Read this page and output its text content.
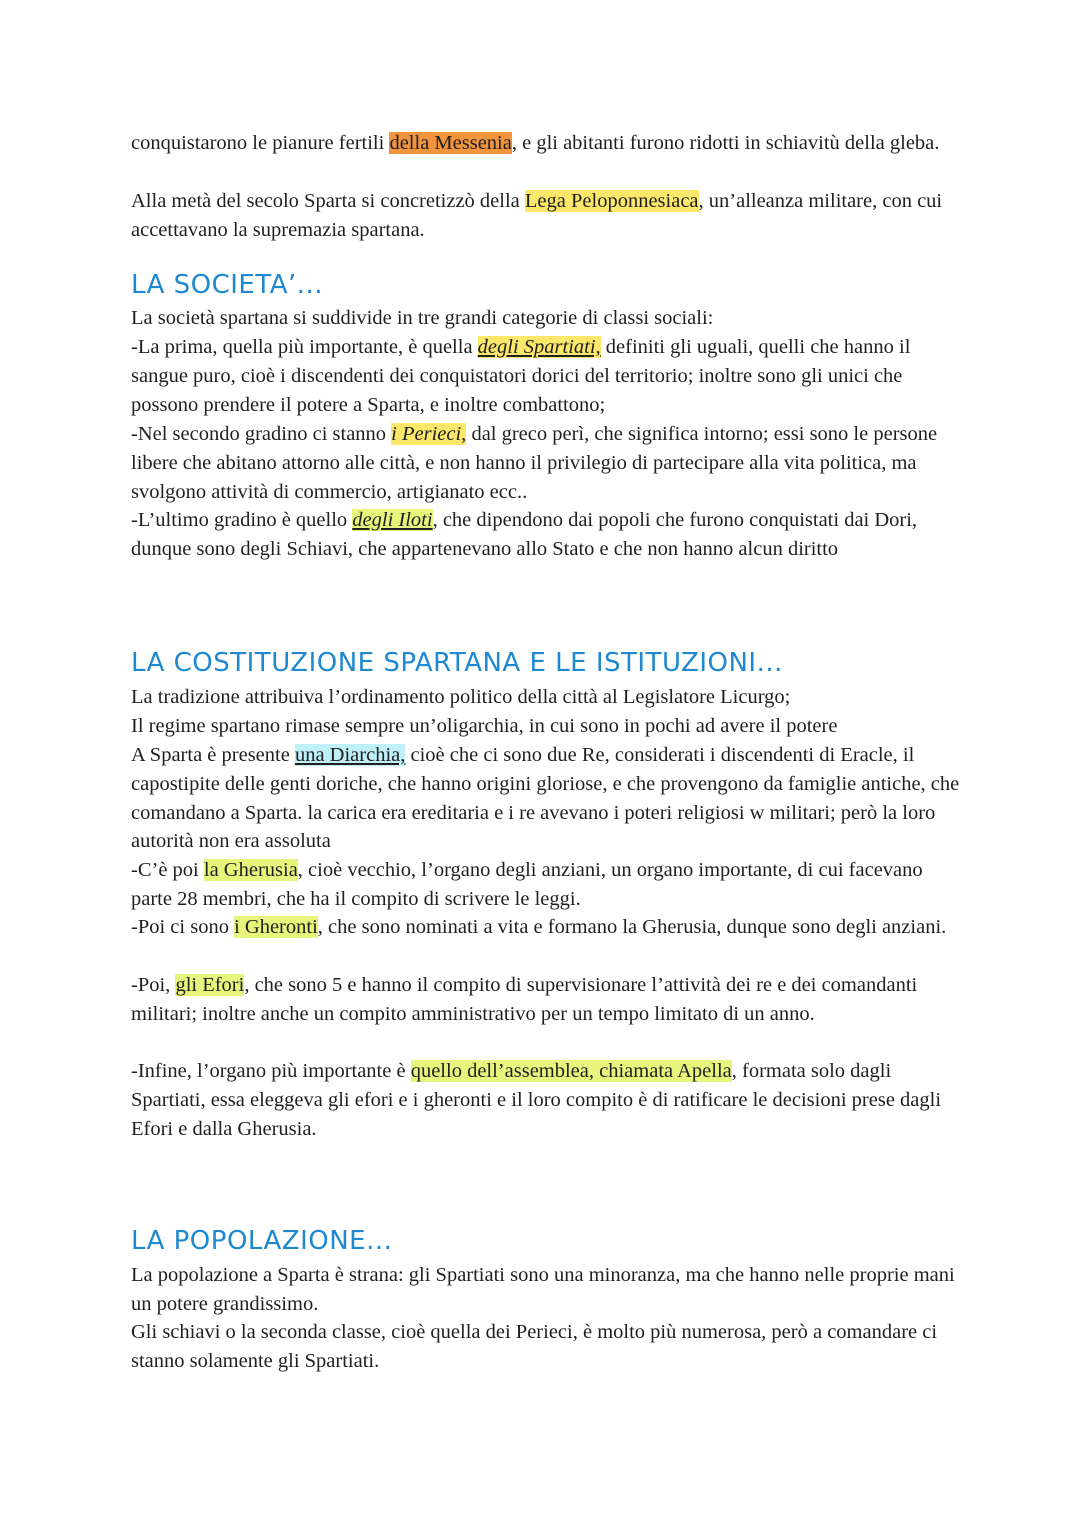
conquistarono le pianure fertili della Messenia, e gli abitanti furono ridotti in schiavitù della gleba.

Alla metà del secolo Sparta si concretizzò della Lega Peloponnesiaca, un’alleanza militare, con cui accettavano la supremazia spartana.

LA SOCIETA’...

La società spartana si suddivide in tre grandi categorie di classi sociali:

-La prima, quella più importante, è quella degli Spartiati, definiti gli uguali, quelli che hanno il sangue puro, cioè i discendenti dei conquistatori dorici del territorio; inoltre sono gli unici che possono prendere il potere a Sparta, e inoltre combattono;

-Nel secondo gradino ci stanno i Perieci, dal greco perì, che significa intorno; essi sono le persone libere che abitano attorno alle città, e non hanno il privilegio di partecipare alla vita politica, ma svolgono attività di commercio, artigianato ecc..

-L’ultimo gradino è quello degli Iloti, che dipendono dai popoli che furono conquistati dai Dori, dunque sono degli Schiavi, che appartenevano allo Stato e che non hanno alcun diritto

LA COSTITUZIONE SPARTANA E LE ISTITUZIONI...

La tradizione attribuiva l’ordinamento politico della città al Legislatore Licurgo;

Il regime spartano rimase sempre un’oligarchia, in cui sono in pochi ad avere il potere

A Sparta è presente una Diarchia, cioè che ci sono due Re, considerati i discendenti di Eracle, il capostipite delle genti doriche, che hanno origini gloriose, e che provengono da famiglie antiche, che comandano a Sparta. la carica era ereditaria e i re avevano i poteri religiosi w militari; però la loro autorità non era assoluta

-C’è poi la Gherusia, cioè vecchio, l’organo degli anziani, un organo importante, di cui facevano parte 28 membri, che ha il compito di scrivere le leggi.

-Poi ci sono i Gheronti, che sono nominati a vita e formano la Gherusia, dunque sono degli anziani.

-Poi, gli Efori, che sono 5 e hanno il compito di supervisionare l’attività dei re e dei comandanti militari; inoltre anche un compito amministrativo per un tempo limitato di un anno.

-Infine, l’organo più importante è quello dell’assemblea, chiamata Apella, formata solo dagli Spartiati, essa eleggeva gli efori e i gheronti e il loro compito è di ratificare le decisioni prese dagli Efori e dalla Gherusia.

LA POPOLAZIONE...

La popolazione a Sparta è strana: gli Spartiati sono una minoranza, ma che hanno nelle proprie mani un potere grandissimo.

Gli schiavi o la seconda classe, cioè quella dei Perieci, è molto più numerosa, però a comandare ci stanno solamente gli Spartiati.
